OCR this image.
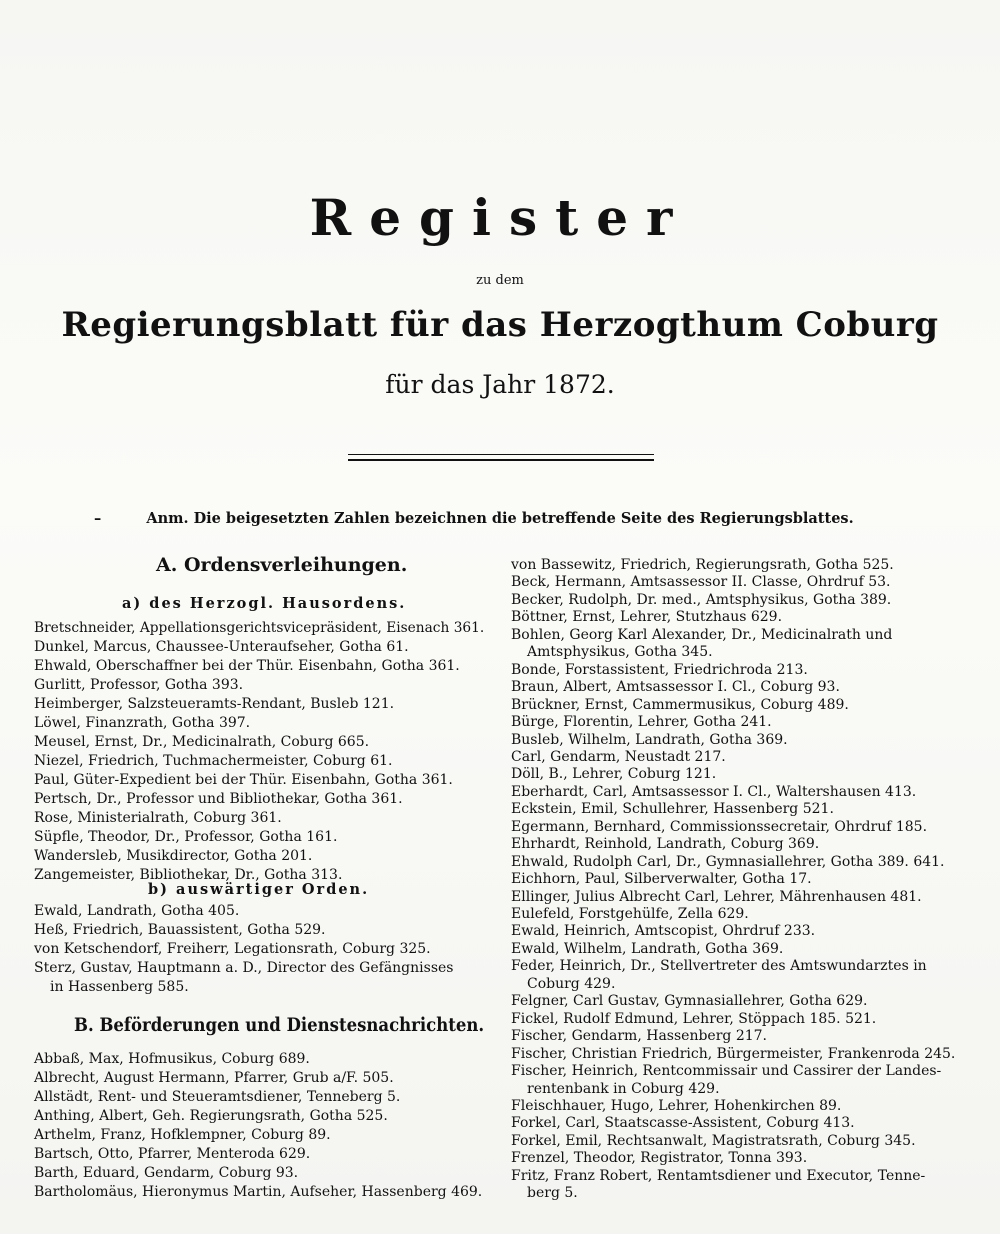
Register
zu dem
Regierungsblatt für das Herzogthum Coburg
für das Jahr 1872.
–	Anm. Die beigesetzten Zahlen bezeichnen die betreffende Seite des Regierungsblattes.
A. Ordensverleihungen.
a) des Herzogl. Hausordens.
Bretschneider, Appellationsgerichtsvicepräsident, Eisenach 361.
Dunkel, Marcus, Chaussee-Unteraufseher, Gotha 61.
Ehwald, Oberschaffner bei der Thür. Eisenbahn, Gotha 361.
Gurlitt, Professor, Gotha 393.
Heimberger, Salzsteueramts-Rendant, Busleb 121.
Löwel, Finanzrath, Gotha 397.
Meusel, Ernst, Dr., Medicinalrath, Coburg 665.
Niezel, Friedrich, Tuchmachermeister, Coburg 61.
Paul, Güter-Expedient bei der Thür. Eisenbahn, Gotha 361.
Pertsch, Dr., Professor und Bibliothekar, Gotha 361.
Rose, Ministerialrath, Coburg 361.
Süpfle, Theodor, Dr., Professor, Gotha 161.
Wandersleb, Musikdirector, Gotha 201.
Zangemeister, Bibliothekar, Dr., Gotha 313.
b) auswärtiger Orden.
Ewald, Landrath, Gotha 405.
Heß, Friedrich, Bauassistent, Gotha 529.
von Ketschendorf, Freiherr, Legationsrath, Coburg 325.
Sterz, Gustav, Hauptmann a. D., Director des Gefängnisses
in Hassenberg 585.
B. Beförderungen und Dienstesnachrichten.
Abbaß, Max, Hofmusikus, Coburg 689.
Albrecht, August Hermann, Pfarrer, Grub a/F. 505.
Allstädt, Rent- und Steueramtsdiener, Tenneberg 5.
Anthing, Albert, Geh. Regierungsrath, Gotha 525.
Arthelm, Franz, Hofklempner, Coburg 89.
Bartsch, Otto, Pfarrer, Menteroda 629.
Barth, Eduard, Gendarm, Coburg 93.
Bartholomäus, Hieronymus Martin, Aufseher, Hassenberg 469.
von Bassewitz, Friedrich, Regierungsrath, Gotha 525.
Beck, Hermann, Amtsassessor II. Classe, Ohrdruf 53.
Becker, Rudolph, Dr. med., Amtsphysikus, Gotha 389.
Böttner, Ernst, Lehrer, Stutzhaus 629.
Bohlen, Georg Karl Alexander, Dr., Medicinalrath und
Amtsphysikus, Gotha 345.
Bonde, Forstassistent, Friedrichroda 213.
Braun, Albert, Amtsassessor I. Cl., Coburg 93.
Brückner, Ernst, Cammermusikus, Coburg 489.
Bürge, Florentin, Lehrer, Gotha 241.
Busleb, Wilhelm, Landrath, Gotha 369.
Carl, Gendarm, Neustadt 217.
Döll, B., Lehrer, Coburg 121.
Eberhardt, Carl, Amtsassessor I. Cl., Waltershausen 413.
Eckstein, Emil, Schullehrer, Hassenberg 521.
Egermann, Bernhard, Commissionssecretair, Ohrdruf 185.
Ehrhardt, Reinhold, Landrath, Coburg 369.
Ehwald, Rudolph Carl, Dr., Gymnasiallehrer, Gotha 389. 641.
Eichhorn, Paul, Silberverwalter, Gotha 17.
Ellinger, Julius Albrecht Carl, Lehrer, Mährenhausen 481.
Eulefeld, Forstgehülfe, Zella 629.
Ewald, Heinrich, Amtscopist, Ohrdruf 233.
Ewald, Wilhelm, Landrath, Gotha 369.
Feder, Heinrich, Dr., Stellvertreter des Amtswundarztes in
Coburg 429.
Felgner, Carl Gustav, Gymnasiallehrer, Gotha 629.
Fickel, Rudolf Edmund, Lehrer, Stöppach 185. 521.
Fischer, Gendarm, Hassenberg 217.
Fischer, Christian Friedrich, Bürgermeister, Frankenroda 245.
Fischer, Heinrich, Rentcommissair und Cassirer der Landes-
rentenbank in Coburg 429.
Fleischhauer, Hugo, Lehrer, Hohenkirchen 89.
Forkel, Carl, Staatscasse-Assistent, Coburg 413.
Forkel, Emil, Rechtsanwalt, Magistratsrath, Coburg 345.
Frenzel, Theodor, Registrator, Tonna 393.
Fritz, Franz Robert, Rentamtsdiener und Executor, Tenne-
berg 5.
